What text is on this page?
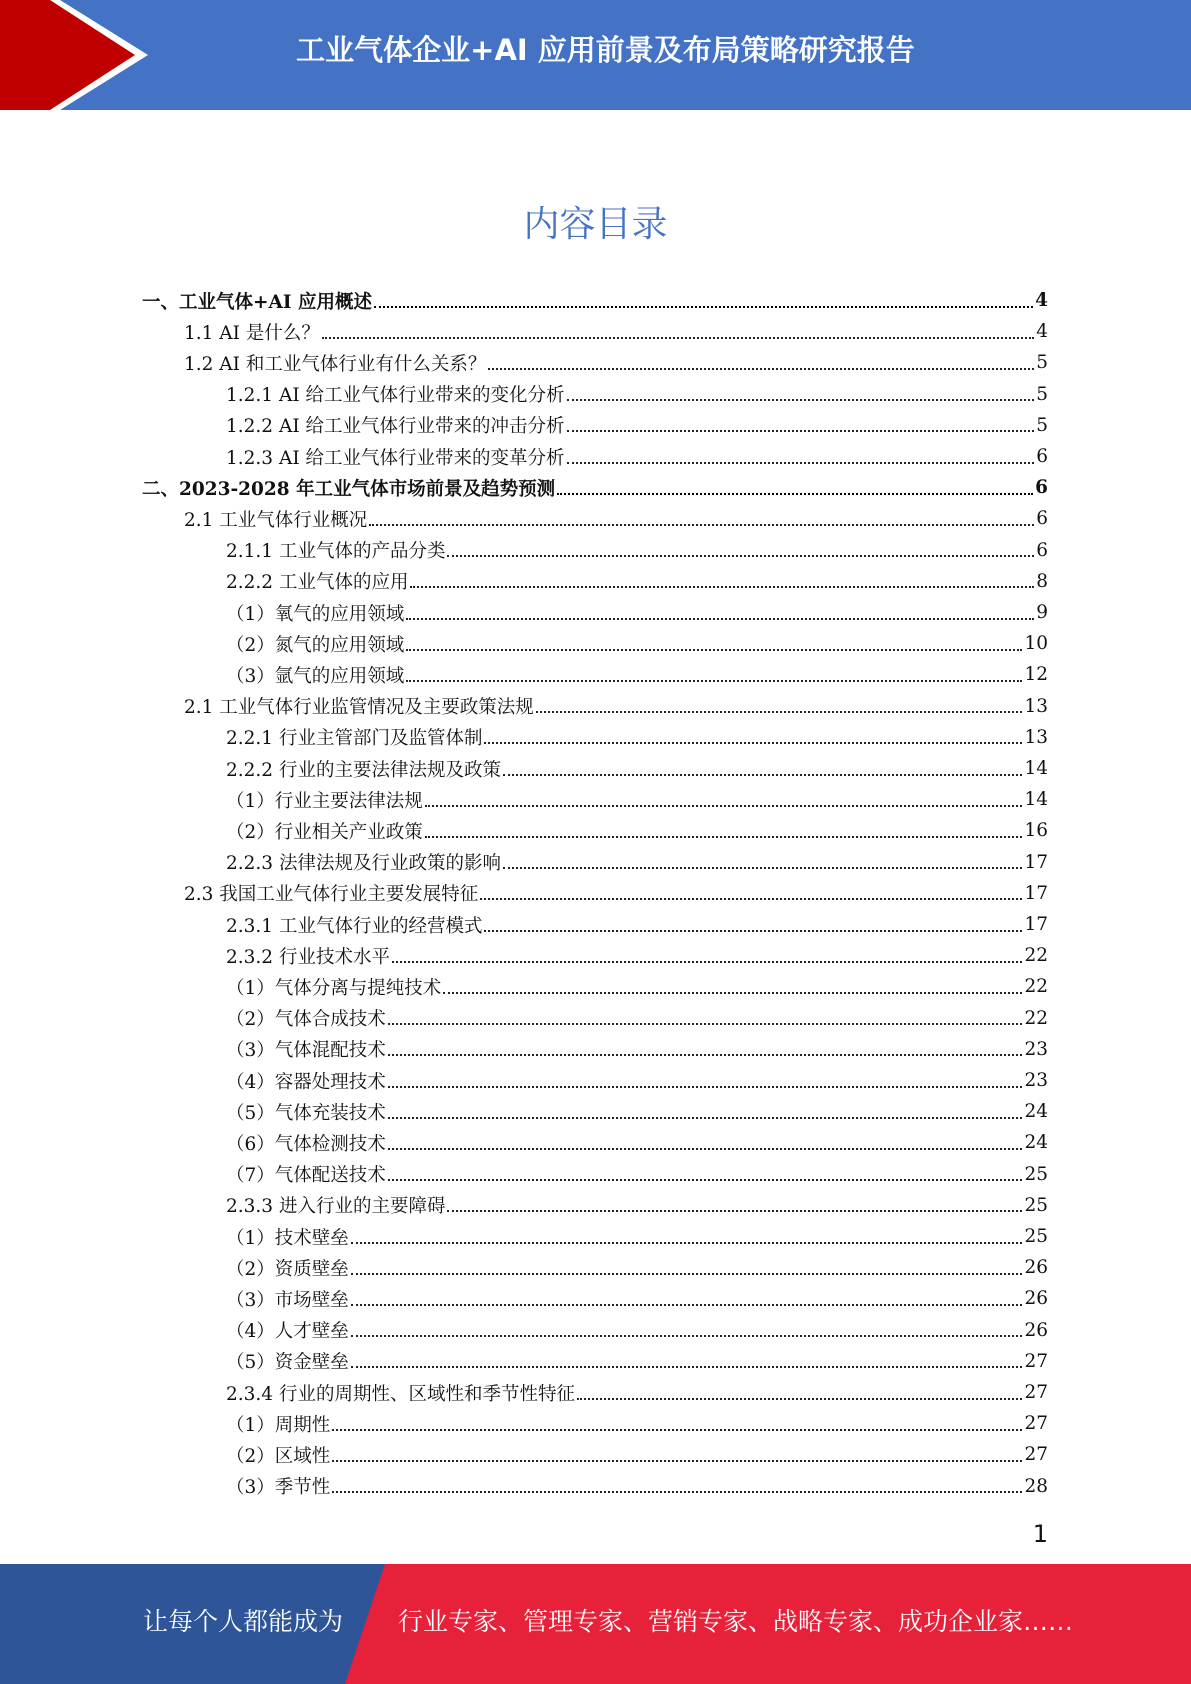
工业气体企业+AI 应用前景及布局策略研究报告
内容目录
一、工业气体+AI 应用概述	4
1.1 AI 是什么？	4
1.2 AI 和工业气体行业有什么关系？	5
1.2.1 AI 给工业气体行业带来的变化分析	5
1.2.2 AI 给工业气体行业带来的冲击分析	5
1.2.3 AI 给工业气体行业带来的变革分析	6
二、2023-2028 年工业气体市场前景及趋势预测	6
2.1 工业气体行业概况	6
2.1.1 工业气体的产品分类	6
2.2.2 工业气体的应用	8
（1）氧气的应用领域	9
（2）氮气的应用领域	10
（3）氩气的应用领域	12
2.1 工业气体行业监管情况及主要政策法规	13
2.2.1 行业主管部门及监管体制	13
2.2.2 行业的主要法律法规及政策	14
（1）行业主要法律法规	14
（2）行业相关产业政策	16
2.2.3 法律法规及行业政策的影响	17
2.3 我国工业气体行业主要发展特征	17
2.3.1 工业气体行业的经营模式	17
2.3.2 行业技术水平	22
（1）气体分离与提纯技术	22
（2）气体合成技术	22
（3）气体混配技术	23
（4）容器处理技术	23
（5）气体充装技术	24
（6）气体检测技术	24
（7）气体配送技术	25
2.3.3 进入行业的主要障碍	25
（1）技术壁垒	25
（2）资质壁垒	26
（3）市场壁垒	26
（4）人才壁垒	26
（5）资金壁垒	27
2.3.4 行业的周期性、区域性和季节性特征	27
（1）周期性	27
（2）区域性	27
（3）季节性	28
1
让每个人都能成为 行业专家、管理专家、营销专家、战略专家、成功企业家……
